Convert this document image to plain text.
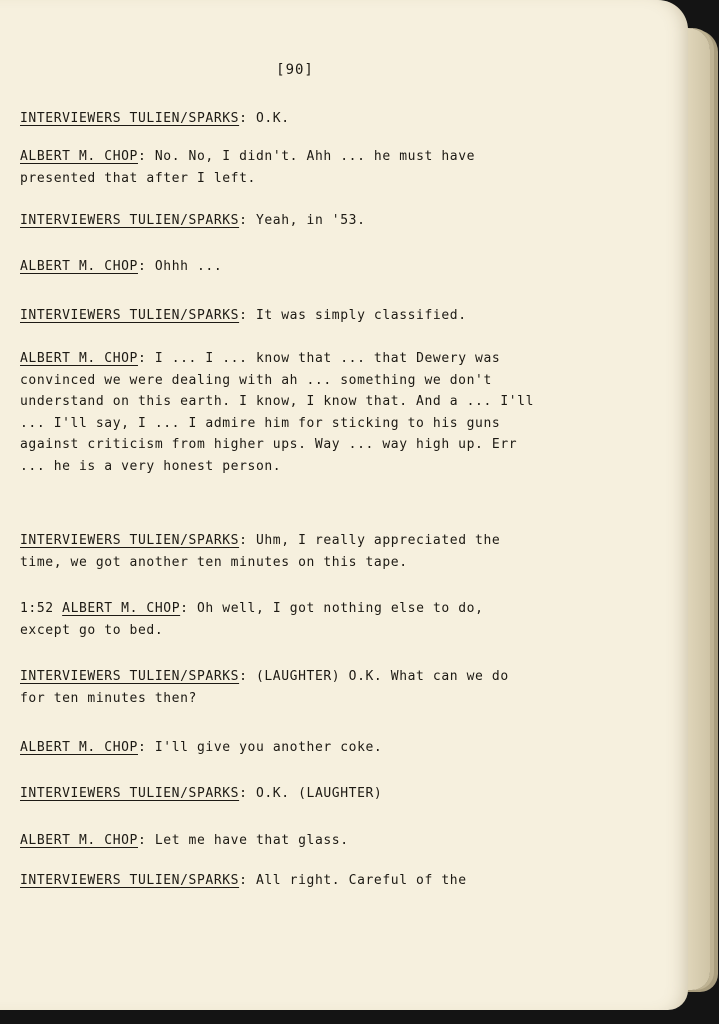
[90]
INTERVIEWERS TULIEN/SPARKS: O.K.
ALBERT M. CHOP: No. No, I didn't. Ahh ... he must have presented that after I left.
INTERVIEWERS TULIEN/SPARKS: Yeah, in '53.
ALBERT M. CHOP: Ohhh ...
INTERVIEWERS TULIEN/SPARKS: It was simply classified.
ALBERT M. CHOP: I ... I ... know that ... that Dewery was convinced we were dealing with ah ... something we don't understand on this earth. I know, I know that. And a ... I'll ... I'll say, I ... I admire him for sticking to his guns against criticism from higher ups. Way ... way high up. Err ... he is a very honest person.
INTERVIEWERS TULIEN/SPARKS: Uhm, I really appreciated the time, we got another ten minutes on this tape.
1:52 ALBERT M. CHOP: Oh well, I got nothing else to do, except go to bed.
INTERVIEWERS TULIEN/SPARKS: (LAUGHTER) O.K. What can we do for ten minutes then?
ALBERT M. CHOP: I'll give you another coke.
INTERVIEWERS TULIEN/SPARKS: O.K. (LAUGHTER)
ALBERT M. CHOP: Let me have that glass.
INTERVIEWERS TULIEN/SPARKS: All right. Careful of the
